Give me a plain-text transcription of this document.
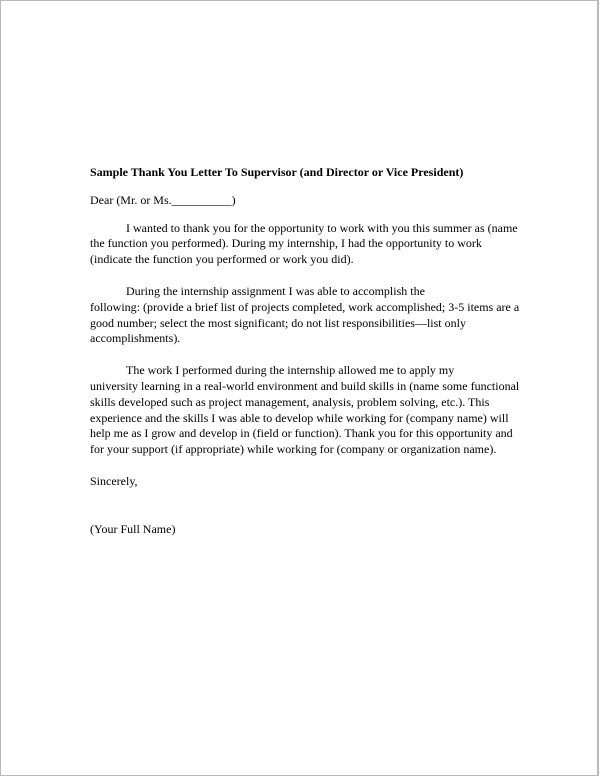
Sample Thank You Letter To Supervisor (and Director or Vice President)
Dear (Mr. or Ms.__________)
I wanted to thank you for the opportunity to work with you this summer as (name
the function you performed). During my internship, I had the opportunity to work
(indicate the function you performed or work you did).
During the internship assignment I was able to accomplish the
following: (provide a brief list of projects completed, work accomplished; 3-5 items are a
good number; select the most significant; do not list responsibilities—list only
accomplishments).
The work I performed during the internship allowed me to apply my
university learning in a real-world environment and build skills in (name some functional
skills developed such as project management, analysis, problem solving, etc.). This
experience and the skills I was able to develop while working for (company name) will
help me as I grow and develop in (field or function). Thank you for this opportunity and
for your support (if appropriate) while working for (company or organization name).
Sincerely,
(Your Full Name)
